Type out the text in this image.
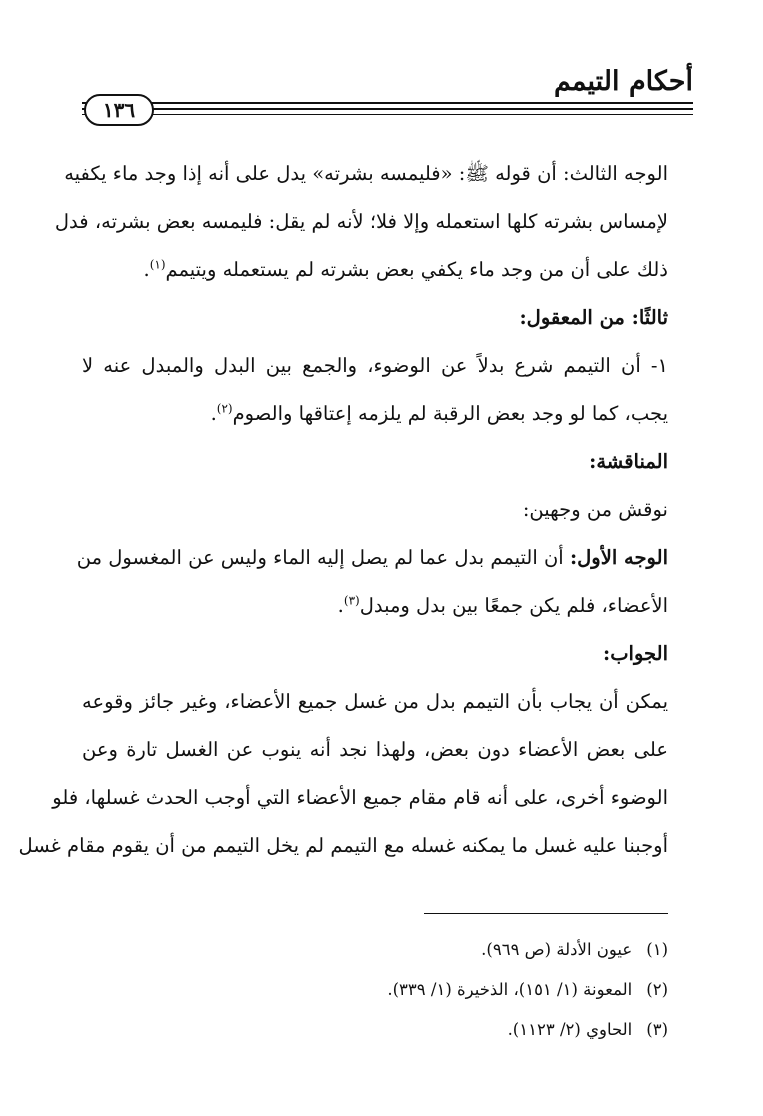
أحكام التيمم
١٣٦
الوجه الثالث: أن قوله ﷺ: «فليمسه بشرته» يدل على أنه إذا وجد ماء يكفيه
لإمساس بشرته كلها استعمله وإلا فلا؛ لأنه لم يقل: فليمسه بعض بشرته، فدل
ذلك على أن من وجد ماء يكفي بعض بشرته لم يستعمله ويتيمم$^{(١)}$.
ثالثًا: من المعقول:
١- أن التيمم شرع بدلاً عن الوضوء، والجمع بين البدل والمبدل عنه لا
يجب، كما لو وجد بعض الرقبة لم يلزمه إعتاقها والصوم$^{(٢)}$.
المناقشة:
نوقش من وجهين:
الوجه الأول: أن التيمم بدل عما لم يصل إليه الماء وليس عن المغسول من
الأعضاء، فلم يكن جمعًا بين بدل ومبدل$^{(٣)}$.
الجواب:
يمكن أن يجاب بأن التيمم بدل من غسل جميع الأعضاء، وغير جائز وقوعه
على بعض الأعضاء دون بعض، ولهذا نجد أنه ينوب عن الغسل تارة وعن
الوضوء أخرى، على أنه قام مقام جميع الأعضاء التي أوجب الحدث غسلها، فلو
أوجبنا عليه غسل ما يمكنه غسله مع التيمم لم يخل التيمم من أن يقوم مقام غسل
(١)عيون الأدلة (ص ٩٦٩).
(٢)المعونة (١/ ١٥١)، الذخيرة (١/ ٣٣٩).
(٣)الحاوي (٢/ ١١٢٣).
